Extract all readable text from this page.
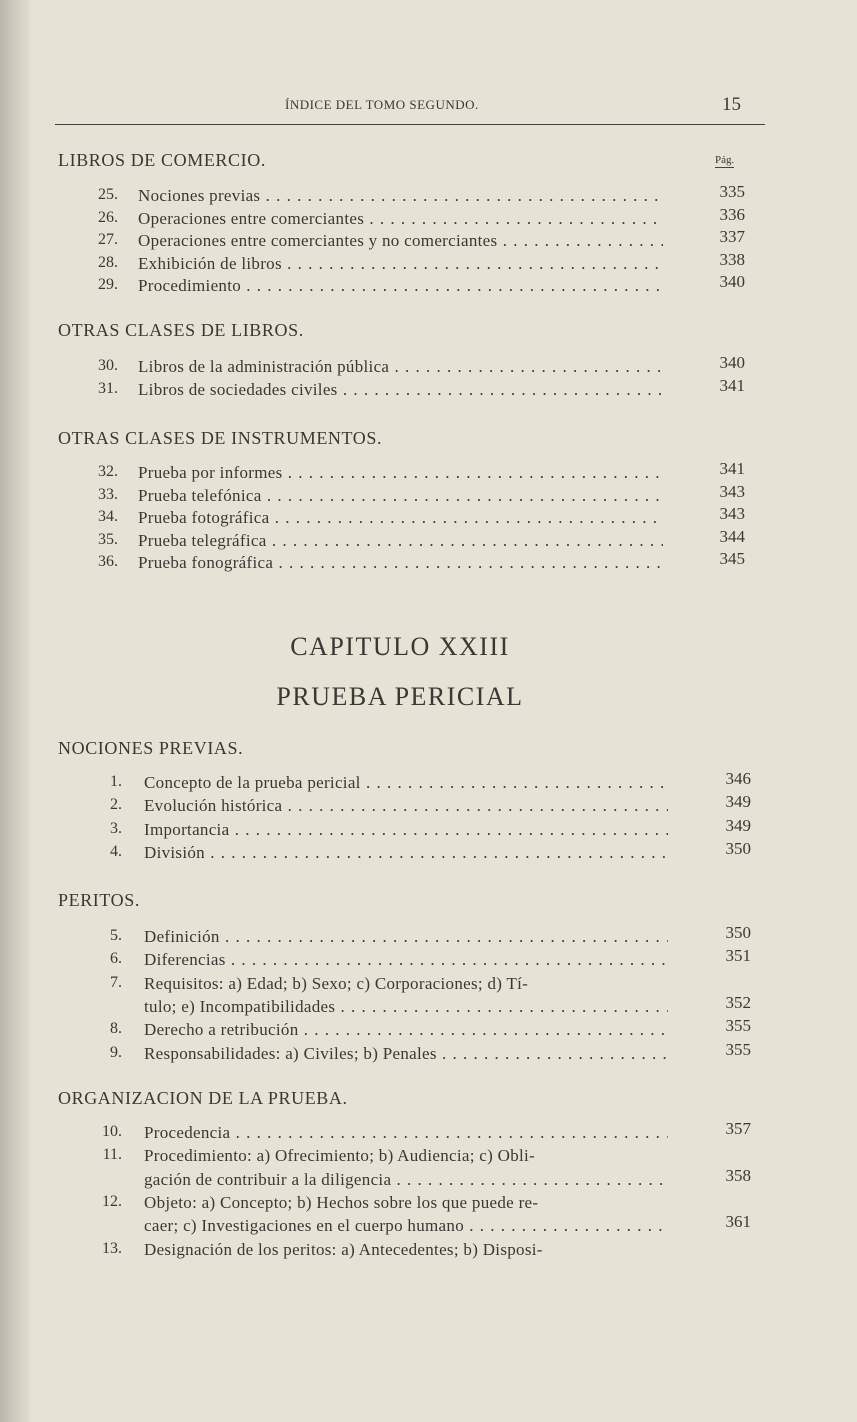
ÍNDICE DEL TOMO SEGUNDO.	15
Pág.
LIBROS DE COMERCIO.
25. Nociones previas . . .	335
26. Operaciones entre comerciantes . . .	336
27. Operaciones entre comerciantes y no comerciantes . . .	337
28. Exhibición de libros . . .	338
29. Procedimiento . . .	340
OTRAS CLASES DE LIBROS.
30. Libros de la administración pública . . .	340
31. Libros de sociedades civiles . . .	341
OTRAS CLASES DE INSTRUMENTOS.
32. Prueba por informes . . .	341
33. Prueba telefónica . . .	343
34. Prueba fotográfica . . .	343
35. Prueba telegráfica . . .	344
36. Prueba fonográfica . . .	345
CAPITULO XXIII
PRUEBA PERICIAL
NOCIONES PREVIAS.
1. Concepto de la prueba pericial . . .	346
2. Evolución histórica . . .	349
3. Importancia . . .	349
4. División . . .	350
PERITOS.
5. Definición . . .	350
6. Diferencias . . .	351
7. Requisitos: a) Edad; b) Sexo; c) Corporaciones; d) Tí-
tulo; e) Incompatibilidades . . .	352
8. Derecho a retribución . . .	355
9. Responsabilidades: a) Civiles; b) Penales . . .	355
ORGANIZACION DE LA PRUEBA.
10. Procedencia . . .	357
11. Procedimiento: a) Ofrecimiento; b) Audiencia; c) Obli-
gación de contribuir a la diligencia . . .	358
12. Objeto: a) Concepto; b) Hechos sobre los que puede re-
caer; c) Investigaciones en el cuerpo humano . . .	361
13. Designación de los peritos: a) Antecedentes; b) Disposi-
